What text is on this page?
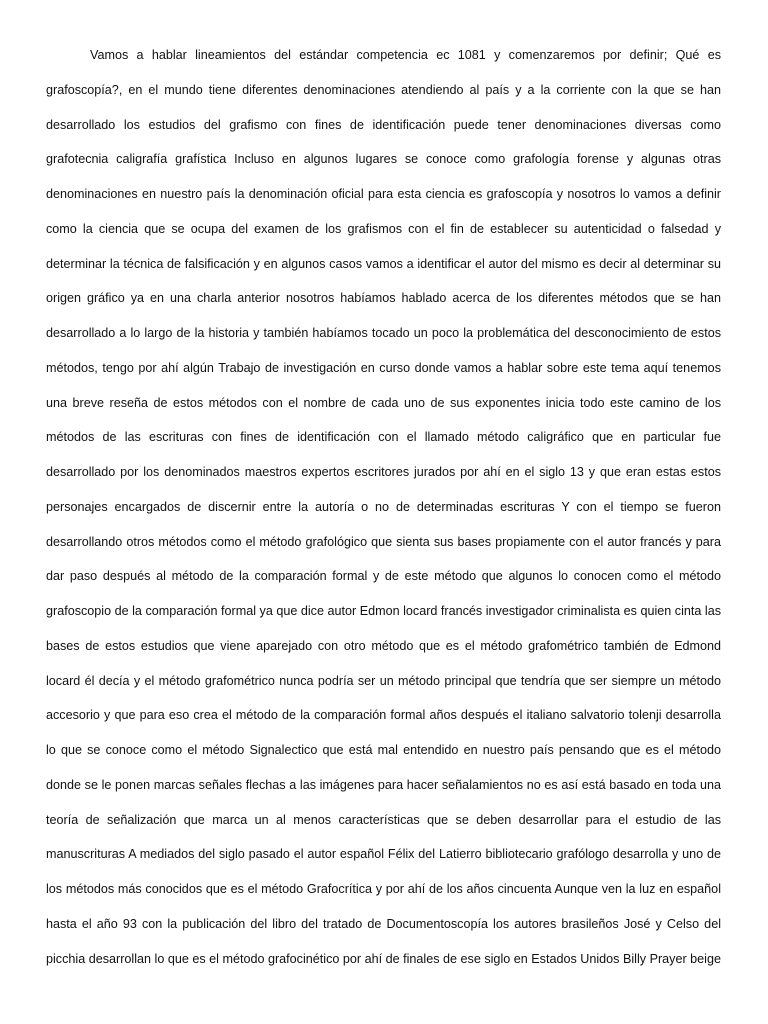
Vamos a hablar lineamientos del estándar competencia ec 1081 y comenzaremos por definir; Qué es
grafoscopía?, en el mundo tiene diferentes denominaciones atendiendo al país y a la corriente con la que se han
desarrollado los estudios del grafismo con fines de identificación puede tener denominaciones diversas como
grafotecnia caligrafía grafística Incluso en algunos lugares se conoce como grafología forense y algunas otras
denominaciones en nuestro país la denominación oficial para esta ciencia es grafoscopía y nosotros lo vamos a definir
como la ciencia que se ocupa del examen de los grafismos con el fin de establecer su autenticidad o falsedad y
determinar la técnica de falsificación y en algunos casos vamos a identificar el autor del mismo es decir al determinar su
origen gráfico ya en una charla anterior nosotros habíamos hablado acerca de los diferentes métodos que se han
desarrollado a lo largo de la historia y también habíamos tocado un poco la problemática del desconocimiento de estos
métodos, tengo por ahí algún Trabajo de investigación en curso donde vamos a hablar sobre este tema aquí tenemos
una breve reseña de estos métodos con el nombre de cada uno de sus exponentes inicia todo este camino de los
métodos de las escrituras con fines de identificación con el llamado método caligráfico que en particular fue
desarrollado por los denominados maestros expertos escritores jurados por ahí en el siglo 13 y que eran estas estos
personajes encargados de discernir entre la autoría o no de determinadas escrituras Y con el tiempo se fueron
desarrollando otros métodos como el método grafológico que sienta sus bases propiamente con el autor francés y para
dar paso después al método de la comparación formal y de este método que algunos lo conocen como el método
grafoscopio de la comparación formal ya que dice autor Edmon locard francés investigador criminalista es quien cinta las
bases de estos estudios que viene aparejado con otro método que es el método grafométrico también de Edmond
locard él decía y el método grafométrico nunca podría ser un método principal que tendría que ser siempre un método
accesorio y que para eso crea el método de la comparación formal años después el italiano salvatorio tolenji desarrolla
lo que se conoce como el método Signalectico que está mal entendido en nuestro país pensando que es el método
donde se le ponen marcas señales flechas a las imágenes para hacer señalamientos no es así está basado en toda una
teoría de señalización que marca un al menos características que se deben desarrollar para el estudio de las
manuscrituras A mediados del siglo pasado el autor español Félix del Latierro bibliotecario grafólogo desarrolla y uno de
los métodos más conocidos que es el método Grafocrítica y por ahí de los años cincuenta Aunque ven la luz en español
hasta el año 93 con la publicación del libro del tratado de Documentoscopía los autores brasileños José y Celso del
picchia desarrollan lo que es el método grafocinético por ahí de finales de ese siglo en Estados Unidos Billy Prayer beige
